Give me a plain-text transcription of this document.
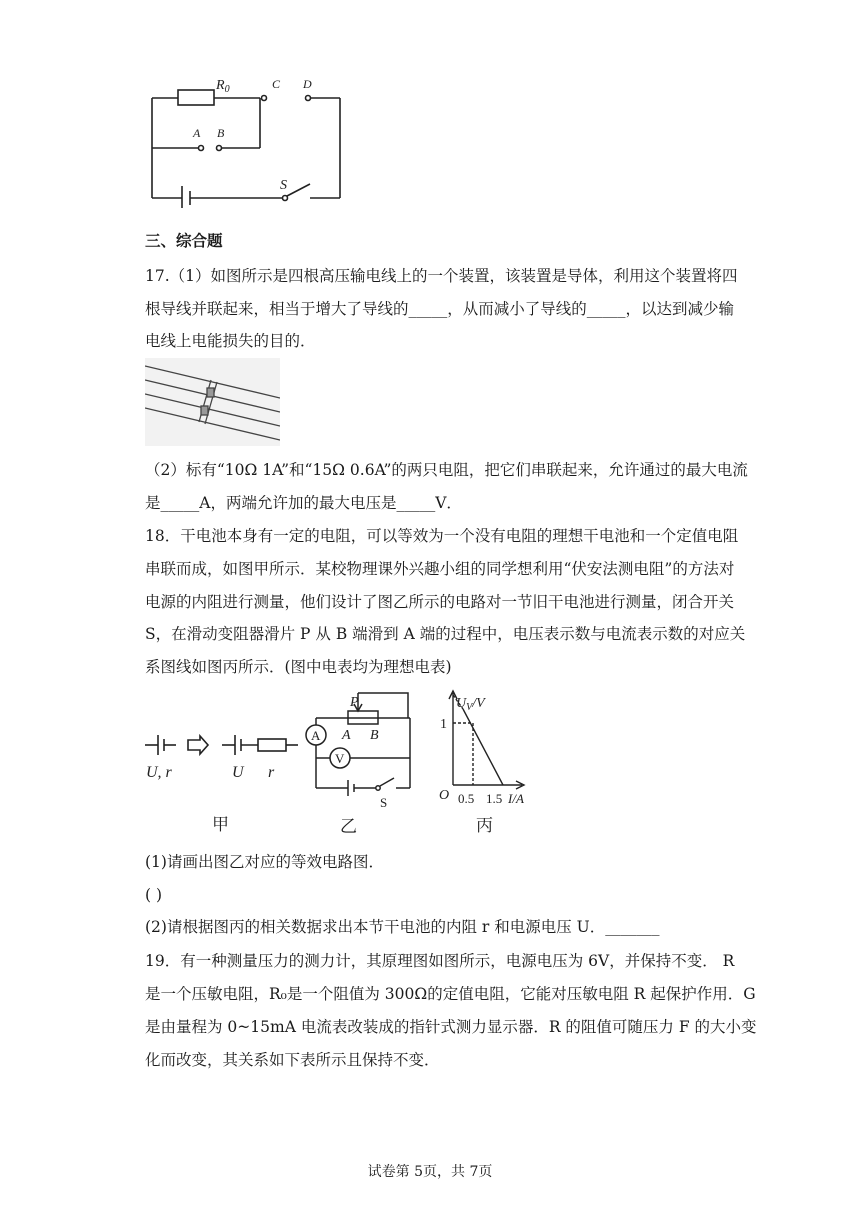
$R_0$	C D
A B
S
三、综合题
17.（1）如图所示是四根高压输电线上的一个装置，该装置是导体，利用这个装置将四
根导线并联起来，相当于增大了导线的_____，从而减小了导线的_____，以达到减少输
电线上电能损失的目的．
（2）标有“10Ω 1A”和“15Ω 0.6A”的两只电阻，把它们串联起来，允许通过的最大电流
是_____A，两端允许加的最大电压是_____V．
18．干电池本身有一定的电阻，可以等效为一个没有电阻的理想干电池和一个定值电阻
串联而成，如图甲所示．某校物理课外兴趣小组的同学想利用“伏安法测电阻”的方法对
电源的内阻进行测量，他们设计了图乙所示的电路对一节旧干电池进行测量，闭合开关
S，在滑动变阻器滑片 P 从 B 端滑到 A 端的过程中，电压表示数与电流表示数的对应关
系图线如图丙所示．(图中电表均为理想电表)
U, r	U r
甲
P
A B
A
V
S
乙
$U_V/V$
1
O 0.5 1.5 I/A
丙
(1)请画出图乙对应的等效电路图．
( )
(2)请根据图丙的相关数据求出本节干电池的内阻 r 和电源电压 U．_______
19．有一种测量压力的测力计，其原理图如图所示，电源电压为 6V，并保持不变． R
是一个压敏电阻，R₀是一个阻值为 300Ω的定值电阻，它能对压敏电阻 R 起保护作用．G
是由量程为 0~15mA 电流表改装成的指针式测力显示器．R 的阻值可随压力 F 的大小变
化而改变，其关系如下表所示且保持不变．
试卷第 5页，共 7页
